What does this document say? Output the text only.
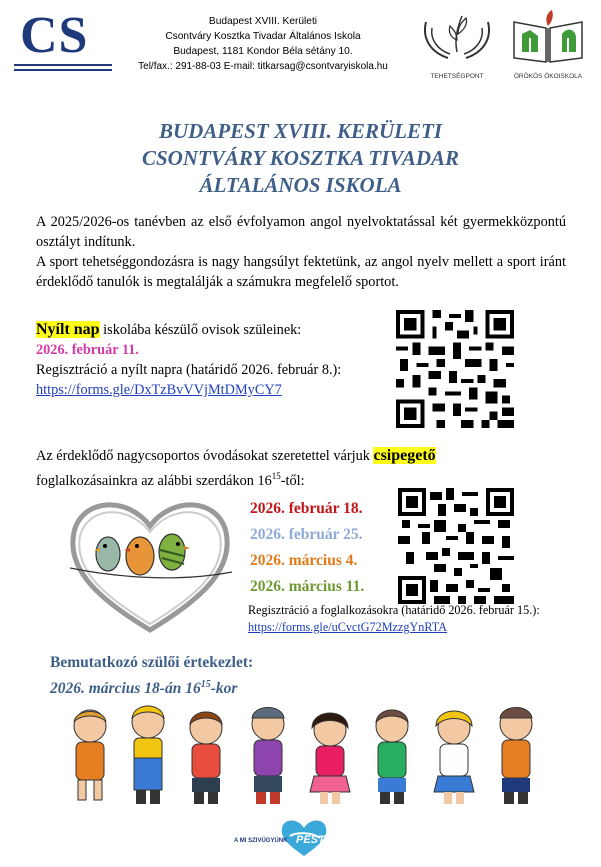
CS	Budapest XVIII. Kerületi
Csontváry Kosztka Tivadar Általános Iskola
Budapest, 1181 Kondor Béla sétány 10.
Tel/fax.: 291-88-03 E-mail: titkarsag@csontvaryiskola.hu
TEHETSÉGPONT	ÖRÖKÖS ÖKOISKOLA
BUDAPEST XVIII. KERÜLETI
CSONTVÁRY KOSZTKA TIVADAR
ÁLTALÁNOS ISKOLA
A 2025/2026-os tanévben az első évfolyamon angol nyelvoktatással két gyermekközpontú osztályt indítunk.
A sport tehetséggondozásra is nagy hangsúlyt fektetünk, az angol nyelv mellett a sport iránt érdeklődő tanulók is megtalálják a számukra megfelelő sportot.
Nyílt nap iskolába készülő ovisok szüleinek:
2026. február 11.
Regisztráció a nyílt napra (határidő 2026. február 8.):
https://forms.gle/DxTzBvVVjMtDMyCY7
Az érdeklődő nagycsoportos óvodásokat szeretettel várjuk csipegető
foglalkozásainkra az alábbi szerdákon $16^{15}$-től:
2026. február 18.
2026. február 25.
2026. március 4.
2026. március 11.
Regisztráció a foglalkozásokra (határidő 2026. február 15.):
https://forms.gle/uCvctG72MzzgYnRTA
Bemutatkozó szülői értekezlet:
2026. március 18-án $16^{15}$-kor
A MI SZIVÜGYÜNK PEST
